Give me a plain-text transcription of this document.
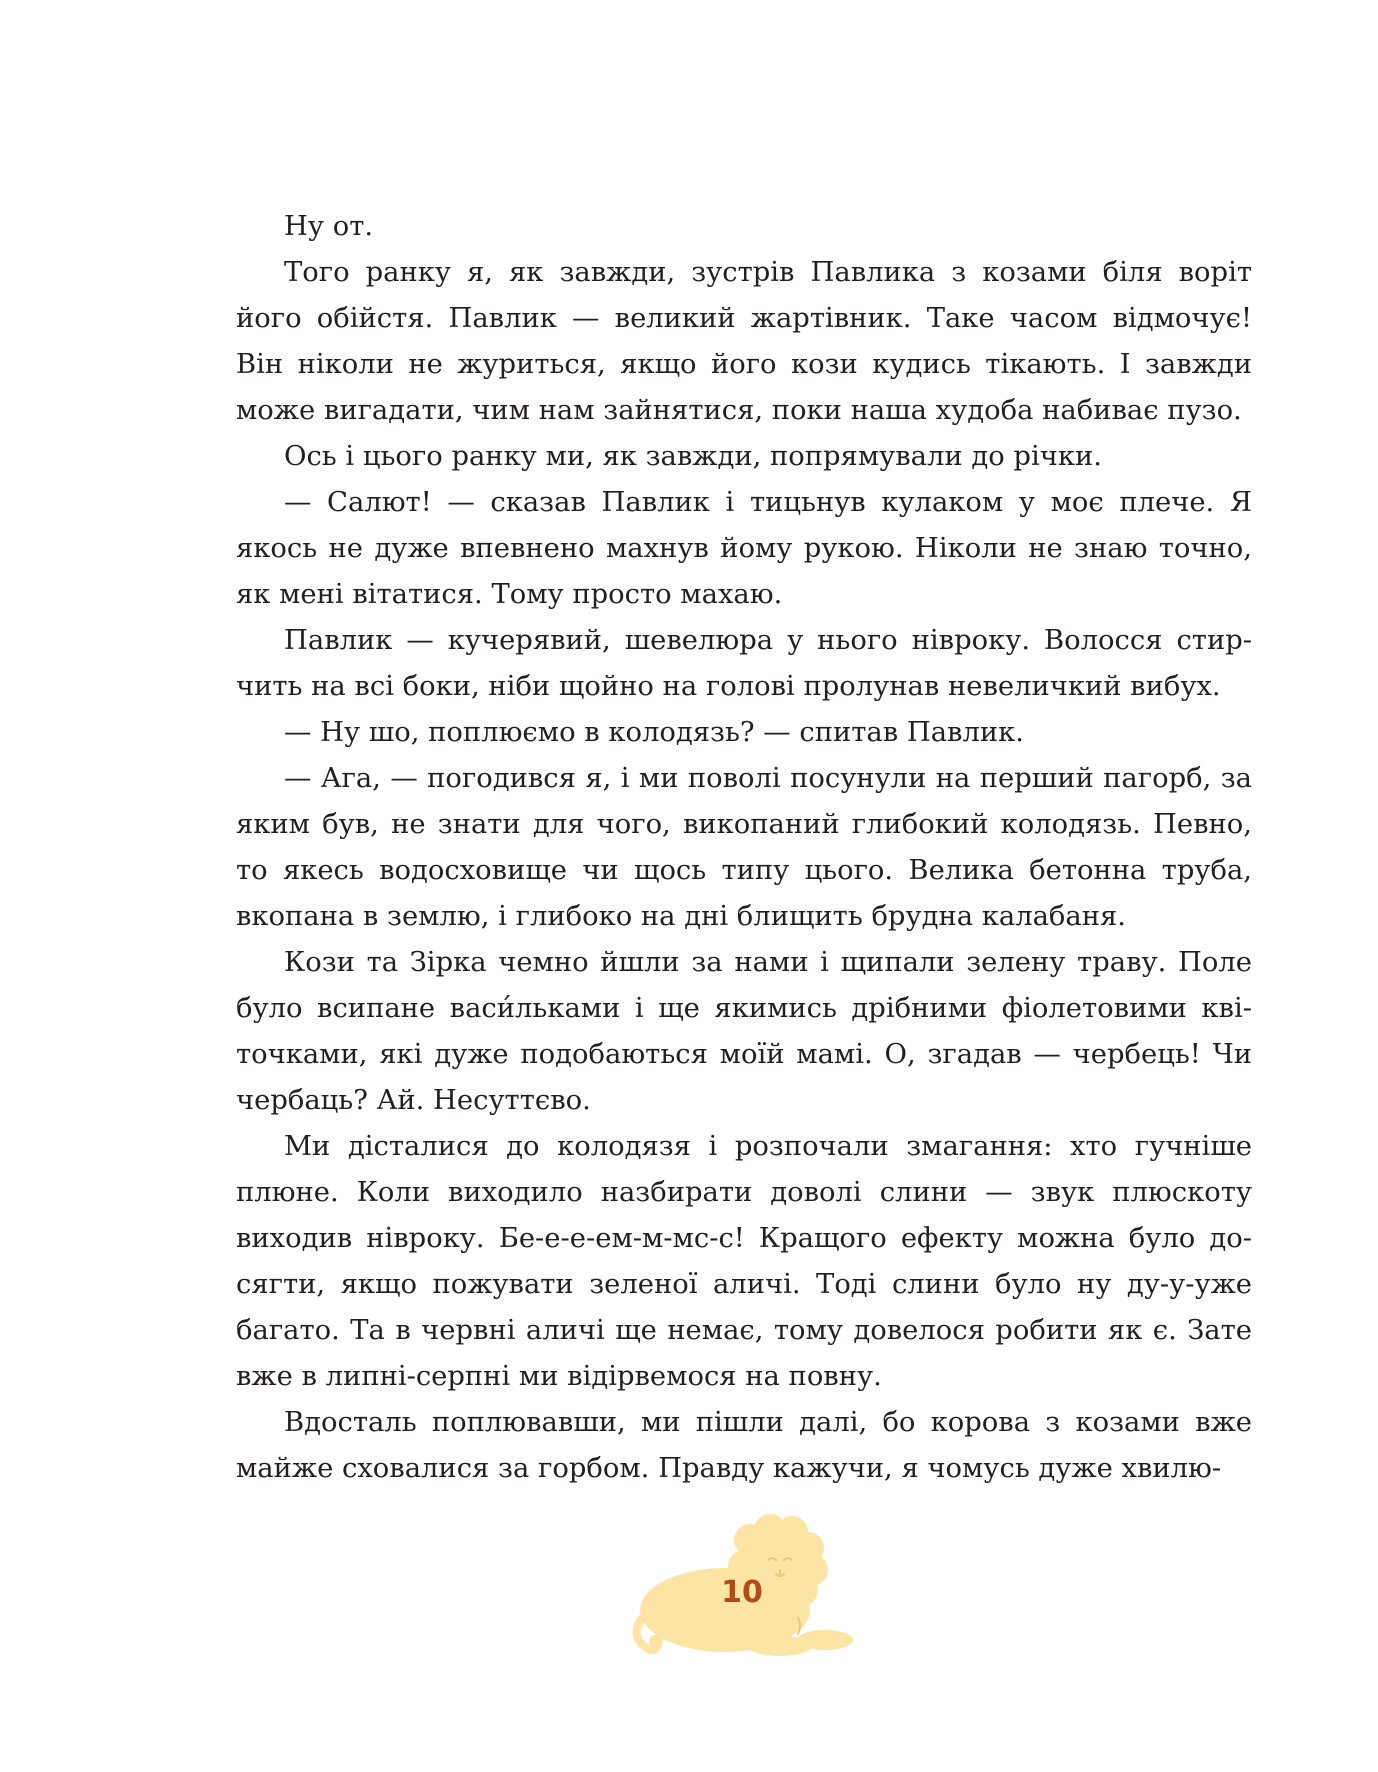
Ну от.

Того ранку я, як завжди, зустрів Павлика з козами біля воріт його обійстя. Павлик — великий жартівник. Таке часом відмочує! Він ніколи не журиться, якщо його кози кудись тікають. І завжди може вигадати, чим нам зайнятися, поки наша худоба набиває пузо.

Ось і цього ранку ми, як завжди, попрямували до річки.

— Салют! — сказав Павлик і тицьнув кулаком у моє плече. Я якось не дуже впевнено махнув йому рукою. Ніколи не знаю точно, як мені вітатися. Тому просто махаю.

Павлик — кучерявий, шевелюра у нього нівроку. Волосся стирчить на всі боки, ніби щойно на голові пролунав невеличкий вибух.

— Ну шо, поплюємо в колодязь? — спитав Павлик.

— Ага, — погодився я, і ми поволі посунули на перший пагорб, за яким був, не знати для чого, викопаний глибокий колодязь. Певно, то якесь водосховище чи щось типу цього. Велика бетонна труба, вкопана в землю, і глибоко на дні блищить брудна калабаня.

Кози та Зірка чемно йшли за нами і щипали зелену траву. Поле було всипане васи́льками і ще якимись дрібними фіолетовими квіточками, які дуже подобаються моїй мамі. О, згадав — чербець! Чи чербаць? Ай. Несуттєво.

Ми дісталися до колодязя і розпочали змагання: хто гучніше плюне. Коли виходило назбирати доволі слини — звук плюскоту виходив нівроку. Бе-е-е-ем-м-мс-с! Кращого ефекту можна було досягти, якщо пожувати зеленої аличі. Тоді слини було ну ду-у-уже багато. Та в червні аличі ще немає, тому довелося робити як є. Зате вже в липні-серпні ми відірвемося на повну.

Вдосталь поплювавши, ми пішли далі, бо корова з козами вже майже сховалися за горбом. Правду кажучи, я чомусь дуже хвилю-

10
